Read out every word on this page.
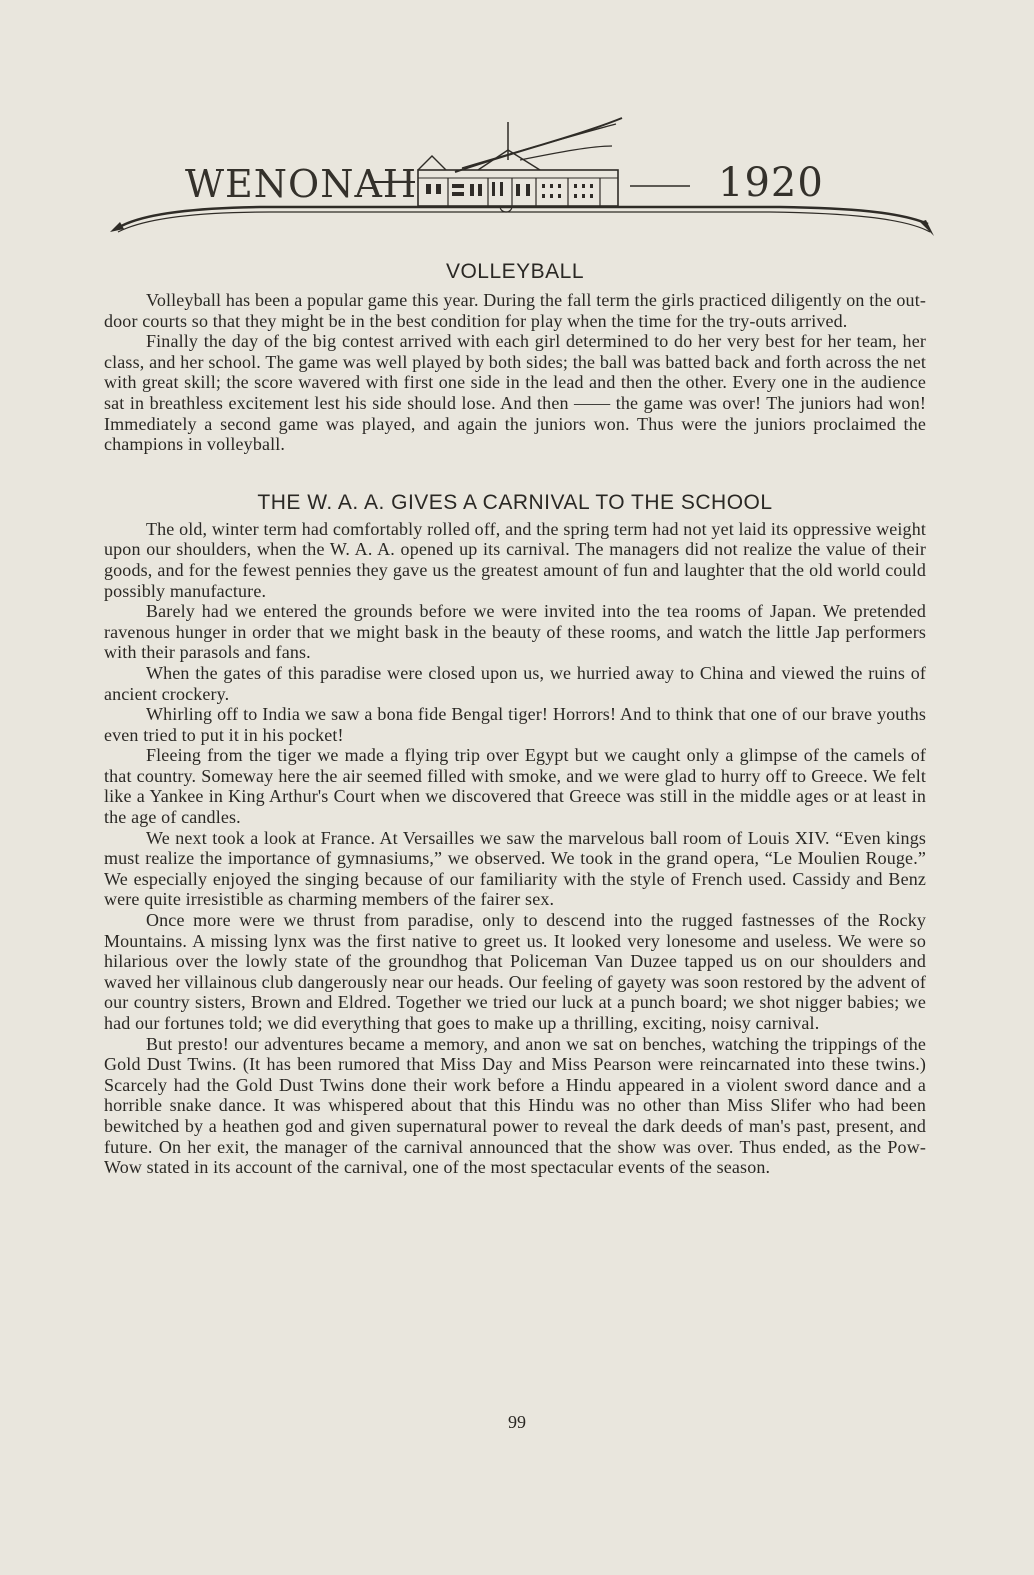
WENONAH	1920
VOLLEYBALL

Volleyball has been a popular game this year. During the fall term the girls practiced diligently on the out-door courts so that they might be in the best condition for play when the time for the try-outs arrived.

Finally the day of the big contest arrived with each girl determined to do her very best for her team, her class, and her school. The game was well played by both sides; the ball was batted back and forth across the net with great skill; the score wavered with first one side in the lead and then the other. Every one in the audience sat in breathless excitement lest his side should lose. And then —— the game was over! The juniors had won! Immediately a second game was played, and again the juniors won. Thus were the juniors proclaimed the champions in volleyball.

THE W. A. A. GIVES A CARNIVAL TO THE SCHOOL

The old, winter term had comfortably rolled off, and the spring term had not yet laid its oppressive weight upon our shoulders, when the W. A. A. opened up its carnival. The managers did not realize the value of their goods, and for the fewest pennies they gave us the greatest amount of fun and laughter that the old world could possibly manufacture.

Barely had we entered the grounds before we were invited into the tea rooms of Japan. We pretended ravenous hunger in order that we might bask in the beauty of these rooms, and watch the little Jap performers with their parasols and fans.

When the gates of this paradise were closed upon us, we hurried away to China and viewed the ruins of ancient crockery.

Whirling off to India we saw a bona fide Bengal tiger! Horrors! And to think that one of our brave youths even tried to put it in his pocket!

Fleeing from the tiger we made a flying trip over Egypt but we caught only a glimpse of the camels of that country. Someway here the air seemed filled with smoke, and we were glad to hurry off to Greece. We felt like a Yankee in King Arthur's Court when we discovered that Greece was still in the middle ages or at least in the age of candles.

We next took a look at France. At Versailles we saw the marvelous ball room of Louis XIV. “Even kings must realize the importance of gymnasiums,” we observed. We took in the grand opera, “Le Moulien Rouge.” We especially enjoyed the singing because of our familiarity with the style of French used. Cassidy and Benz were quite irresistible as charming members of the fairer sex.

Once more were we thrust from paradise, only to descend into the rugged fastnesses of the Rocky Mountains. A missing lynx was the first native to greet us. It looked very lonesome and useless. We were so hilarious over the lowly state of the groundhog that Policeman Van Duzee tapped us on our shoulders and waved her villainous club dangerously near our heads. Our feeling of gayety was soon restored by the advent of our country sisters, Brown and Eldred. Together we tried our luck at a punch board; we shot nigger babies; we had our fortunes told; we did everything that goes to make up a thrilling, exciting, noisy carnival.

But presto! our adventures became a memory, and anon we sat on benches, watching the trippings of the Gold Dust Twins. (It has been rumored that Miss Day and Miss Pearson were reincarnated into these twins.) Scarcely had the Gold Dust Twins done their work before a Hindu appeared in a violent sword dance and a horrible snake dance. It was whispered about that this Hindu was no other than Miss Slifer who had been bewitched by a heathen god and given supernatural power to reveal the dark deeds of man's past, present, and future. On her exit, the manager of the carnival announced that the show was over. Thus ended, as the Pow-Wow stated in its account of the carnival, one of the most spectacular events of the season.

99
